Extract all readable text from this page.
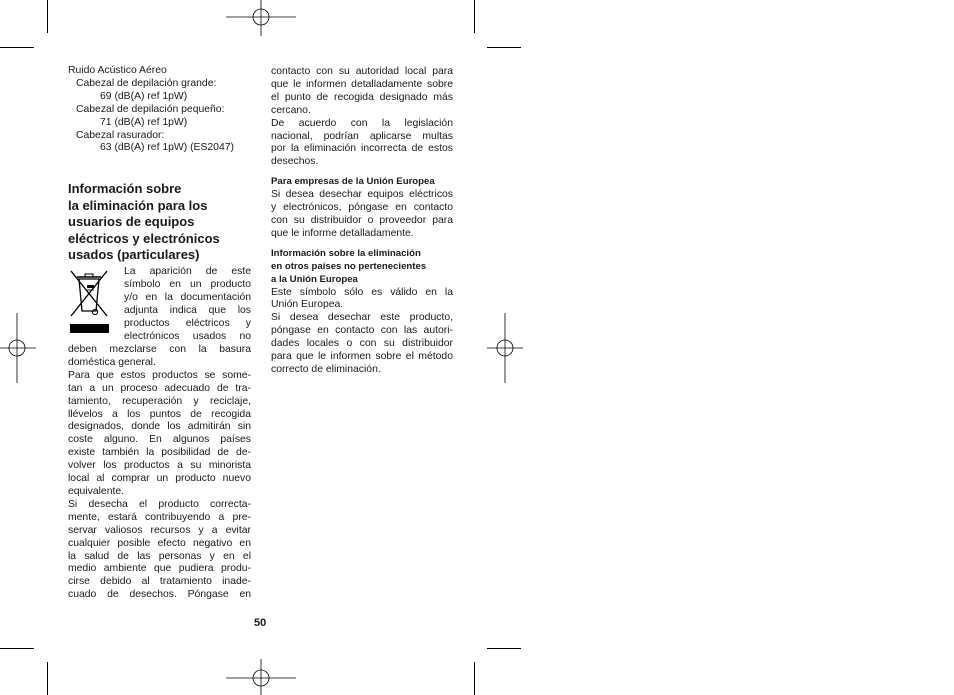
Ruido Acústico Aéreo
Cabezal de depilación grande:
69 (dB(A) ref 1pW)
Cabezal de depilación pequeño:
71 (dB(A) ref 1pW)
Cabezal rasurador:
63 (dB(A) ref 1pW) (ES2047)
Información sobre
la eliminación para los
usuarios de equipos
eléctricos y electrónicos
usados (particulares)
La aparición de este
símbolo en un producto
y/o en la documentación
adjunta indica que los
productos eléctricos y
electrónicos usados no
deben mezclarse con la basura
doméstica general.
Para que estos productos se some-
tan a un proceso adecuado de tra-
tamiento, recuperación y reciclaje,
llévelos a los puntos de recogida
designados, donde los admitirán sin
coste alguno. En algunos países
existe también la posibilidad de de-
volver los productos a su minorista
local al comprar un producto nuevo
equivalente.
Si desecha el producto correcta-
mente, estará contribuyendo a pre-
servar valiosos recursos y a evitar
cualquier posible efecto negativo en
la salud de las personas y en el
medio ambiente que pudiera produ-
cirse debido al tratamiento inade-
cuado de desechos. Póngase en
contacto con su autoridad local para
que le informen detalladamente sobre
el punto de recogida designado más
cercano.
De acuerdo con la legislación
nacional, podrían aplicarse multas
por la eliminación incorrecta de estos
desechos.
Para empresas de la Unión Europea
Si desea desechar equipos eléctricos
y electrónicos, póngase en contacto
con su distribuidor o proveedor para
que le informe detalladamente.
Información sobre la eliminación
en otros países no pertenecientes
a la Unión Europea
Este símbolo sólo es válido en la
Unión Europea.
Si desea desechar este producto,
póngase en contacto con las autori-
dades locales o con su distribuidor
para que le informen sobre el método
correcto de eliminación.
50
